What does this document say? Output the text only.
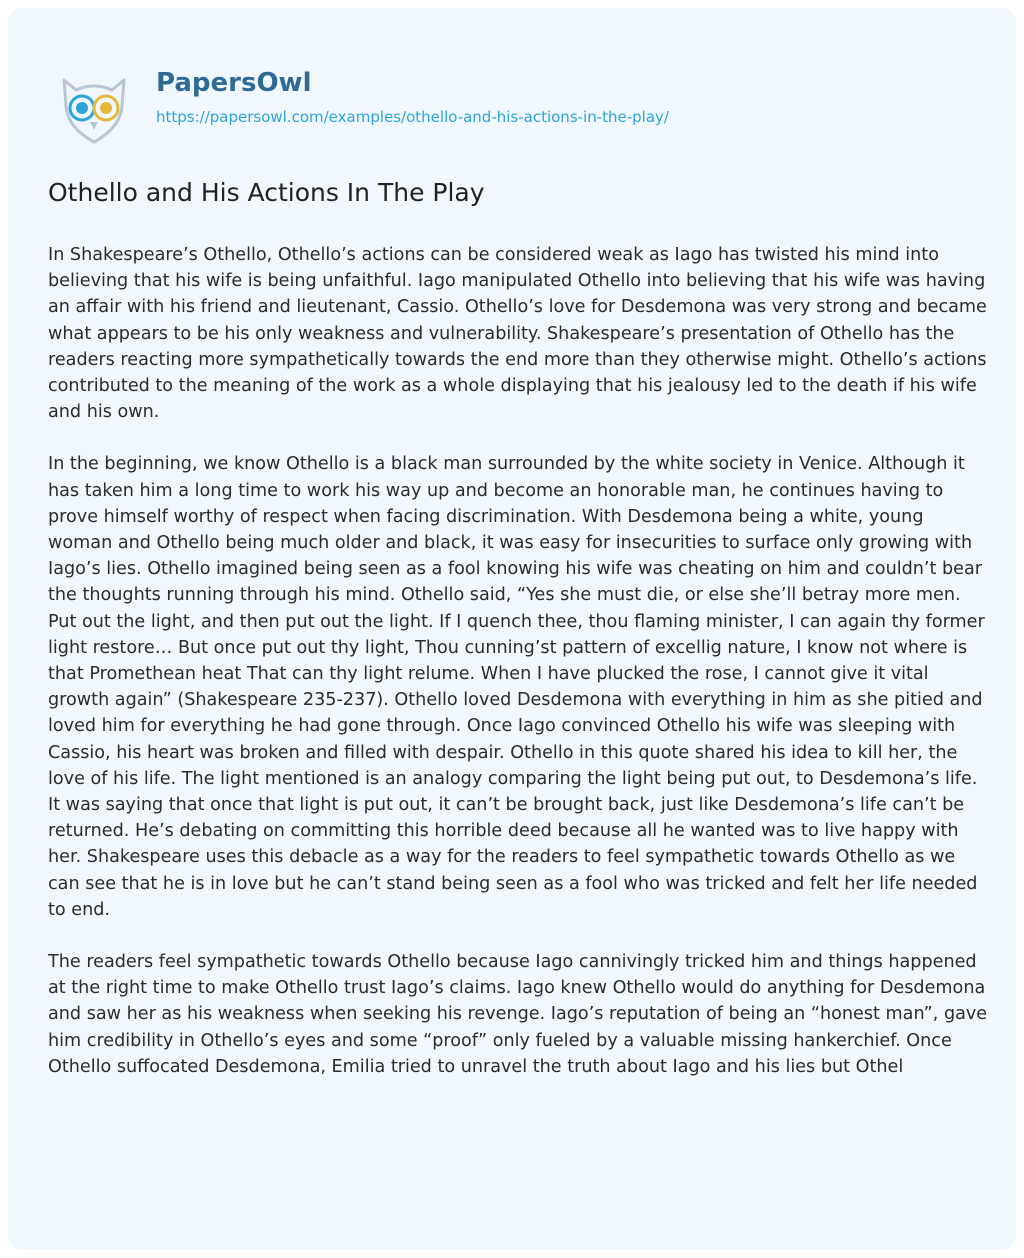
PapersOwl
https://papersowl.com/examples/othello-and-his-actions-in-the-play/
Othello and His Actions In The Play

In Shakespeare’s Othello, Othello’s actions can be considered weak as Iago has twisted his mind into believing that his wife is being unfaithful. Iago manipulated Othello into believing that his wife was having an affair with his friend and lieutenant, Cassio. Othello’s love for Desdemona was very strong and became what appears to be his only weakness and vulnerability. Shakespeare’s presentation of Othello has the readers reacting more sympathetically towards the end more than they otherwise might. Othello’s actions contributed to the meaning of the work as a whole displaying that his jealousy led to the death if his wife and his own.

In the beginning, we know Othello is a black man surrounded by the white society in Venice. Although it has taken him a long time to work his way up and become an honorable man, he continues having to prove himself worthy of respect when facing discrimination. With Desdemona being a white, young woman and Othello being much older and black, it was easy for insecurities to surface only growing with Iago’s lies. Othello imagined being seen as a fool knowing his wife was cheating on him and couldn’t bear the thoughts running through his mind. Othello said, “Yes she must die, or else she’ll betray more men. Put out the light, and then put out the light. If I quench thee, thou flaming minister, I can again thy former light restore… But once put out thy light, Thou cunning’st pattern of excellig nature, I know not where is that Promethean heat That can thy light relume. When I have plucked the rose, I cannot give it vital growth again” (Shakespeare 235-237). Othello loved Desdemona with everything in him as she pitied and loved him for everything he had gone through. Once Iago convinced Othello his wife was sleeping with Cassio, his heart was broken and filled with despair. Othello in this quote shared his idea to kill her, the love of his life. The light mentioned is an analogy comparing the light being put out, to Desdemona’s life. It was saying that once that light is put out, it can’t be brought back, just like Desdemona’s life can’t be returned. He’s debating on committing this horrible deed because all he wanted was to live happy with her. Shakespeare uses this debacle as a way for the readers to feel sympathetic towards Othello as we can see that he is in love but he can’t stand being seen as a fool who was tricked and felt her life needed to end.

The readers feel sympathetic towards Othello because Iago cannivingly tricked him and things happened at the right time to make Othello trust Iago’s claims. Iago knew Othello would do anything for Desdemona and saw her as his weakness when seeking his revenge. Iago’s reputation of being an “honest man”, gave him credibility in Othello’s eyes and some “proof” only fueled by a valuable missing hankerchief. Once Othello suffocated Desdemona, Emilia tried to unravel the truth about Iago and his lies but Othel
